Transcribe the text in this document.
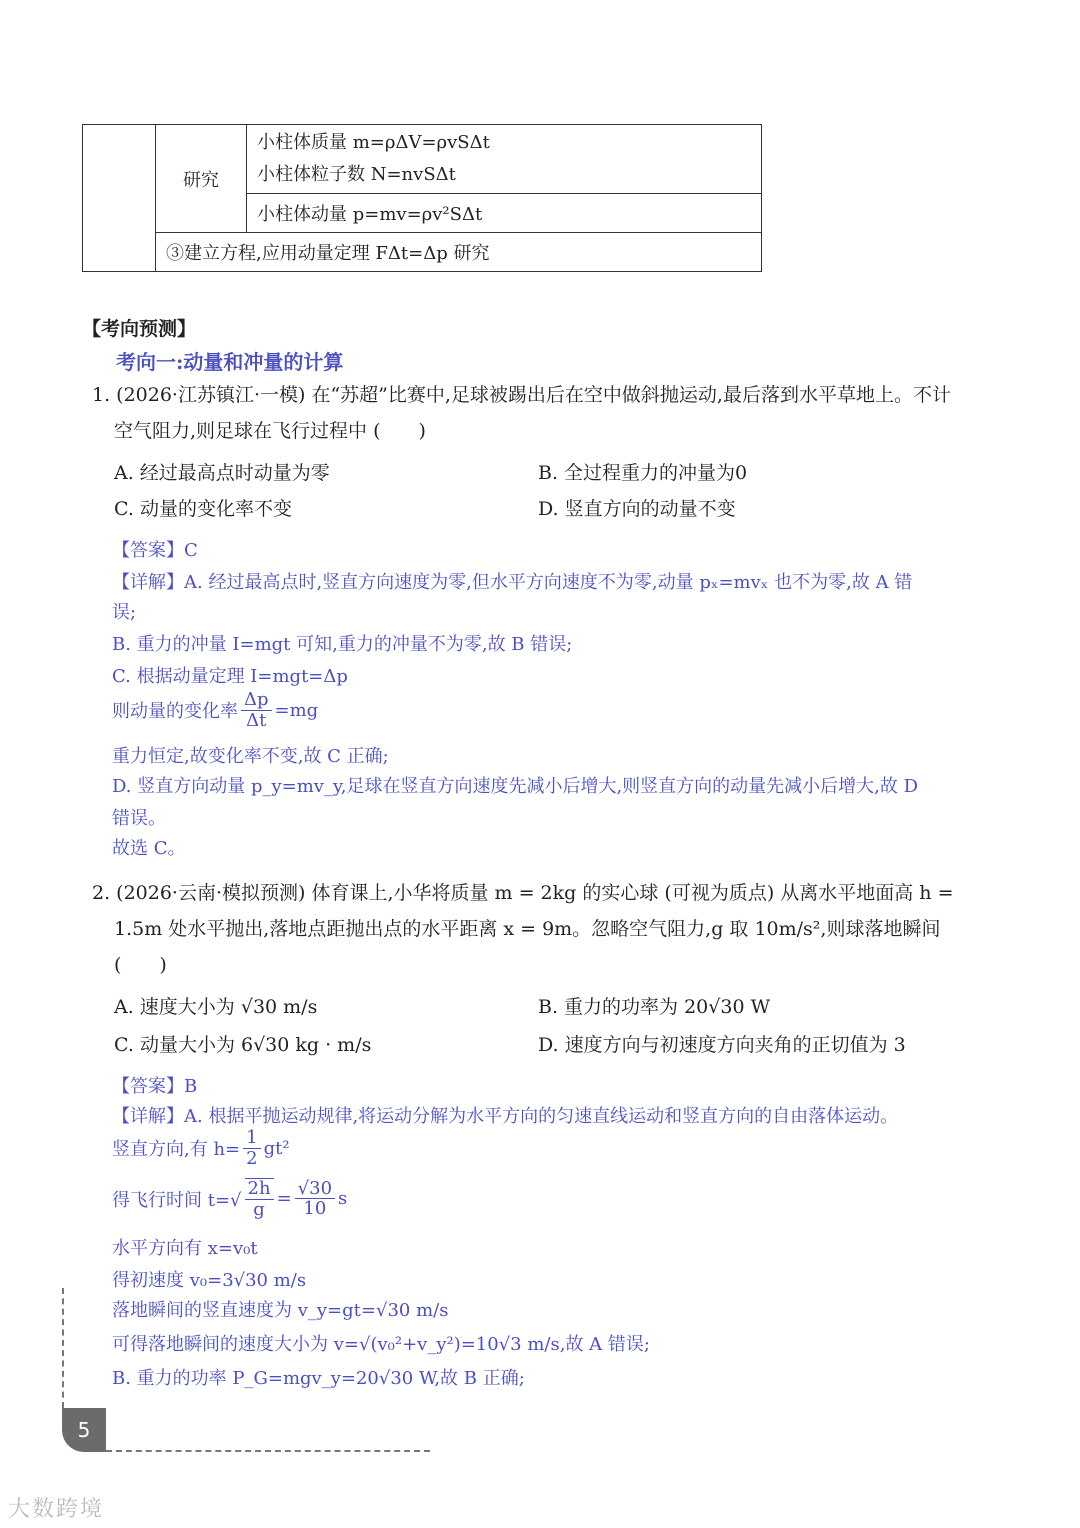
	研究	
小柱体质量 m=ρΔV=ρvSΔt
小柱体粒子数 N=nvSΔt

小柱体动量 p=mv=ρv²SΔt
③建立方程,应用动量定理 FΔt=Δp 研究
【考向预测】
考向一:动量和冲量的计算
1. (2026·江苏镇江·一模) 在“苏超”比赛中,足球被踢出后在空中做斜抛运动,最后落到水平草地上。不计
空气阻力,则足球在飞行过程中 (　　)
A. 经过最高点时动量为零	B. 全过程重力的冲量为0
C. 动量的变化率不变	D. 竖直方向的动量不变
【答案】C
【详解】A. 经过最高点时,竖直方向速度为零,但水平方向速度不为零,动量 pₓ=mvₓ 也不为零,故 A 错
误;
B. 重力的冲量 I=mgt 可知,重力的冲量不为零,故 B 错误;
C. 根据动量定理 I=mgt=Δp
则动量的变化率 $\frac{\Delta p}{\Delta t} =mg$
重力恒定,故变化率不变,故 C 正确;
D. 竖直方向动量 p_y=mv_y,足球在竖直方向速度先减小后增大,则竖直方向的动量先减小后增大,故 D
错误。
故选 C。
2. (2026·云南·模拟预测) 体育课上,小华将质量 m = 2kg 的实心球 (可视为质点) 从离水平地面高 h =
1.5m 处水平抛出,落地点距抛出点的水平距离 x = 9m。忽略空气阻力,g 取 10m/s²,则球落地瞬间
(　　)
A. 速度大小为 √30 m/s	B. 重力的功率为 20√30 W
C. 动量大小为 6√30 kg · m/s	D. 速度方向与初速度方向夹角的正切值为 3
【答案】B
【详解】A. 根据平抛运动规律,将运动分解为水平方向的匀速直线运动和竖直方向的自由落体运动。
竖直方向,有 $h= \frac{1}{2} gt^2$
得飞行时间 $t=√ \frac{2h}{g} = \frac{√30}{10}$ s
水平方向有 x=v₀t
得初速度 v₀=3√30 m/s
落地瞬间的竖直速度为 v_y=gt=√30 m/s
可得落地瞬间的速度大小为 v=√(v₀²+v_y²)=10√3 m/s,故 A 错误;
B. 重力的功率 P_G=mgv_y=20√30 W,故 B 正确;
5
大数跨境
